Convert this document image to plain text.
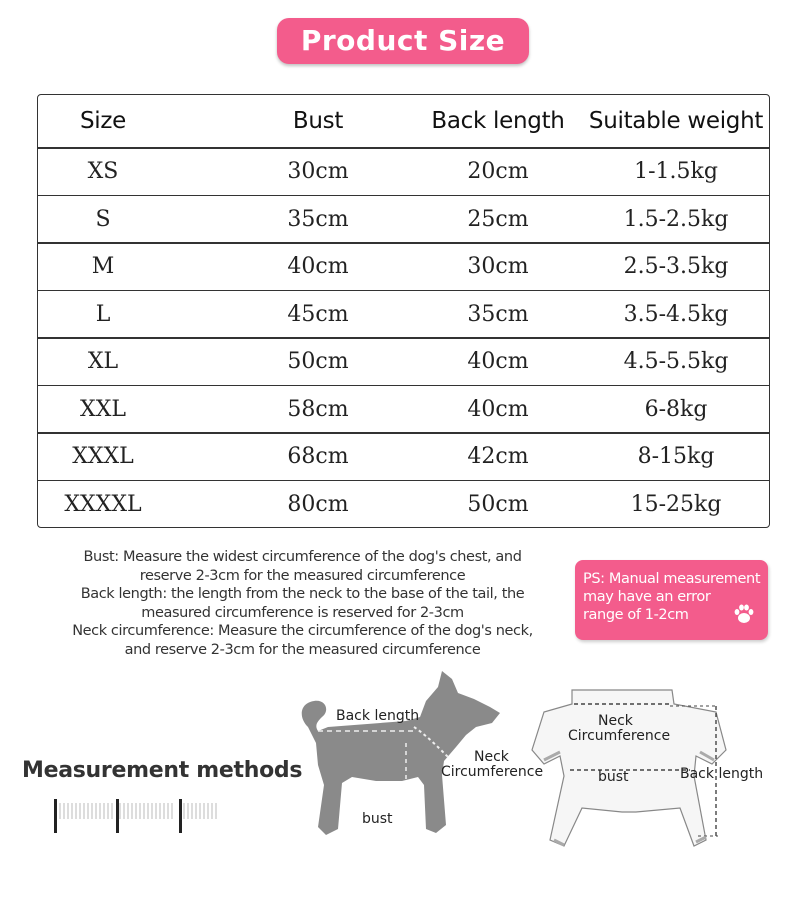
Product Size
Size	Bust	Back length	Suitable weight
XS	30cm	20cm	1-1.5kg
S	35cm	25cm	1.5-2.5kg
M	40cm	30cm	2.5-3.5kg
L	45cm	35cm	3.5-4.5kg
XL	50cm	40cm	4.5-5.5kg
XXL	58cm	40cm	6-8kg
XXXL	68cm	42cm	8-15kg
XXXXL	80cm	50cm	15-25kg
Bust: Measure the widest circumference of the dog's chest, and
reserve 2-3cm for the measured circumference
Back length: the length from the neck to the base of the tail, the
measured circumference is reserved for 2-3cm
Neck circumference: Measure the circumference of the dog's neck,
and reserve 2-3cm for the measured circumference
PS: Manual measurement
may have an error
range of 1-2cm
Measurement methods
Back length
Neck
Circumference
bust
Neck
Circumference
bust	Back length
